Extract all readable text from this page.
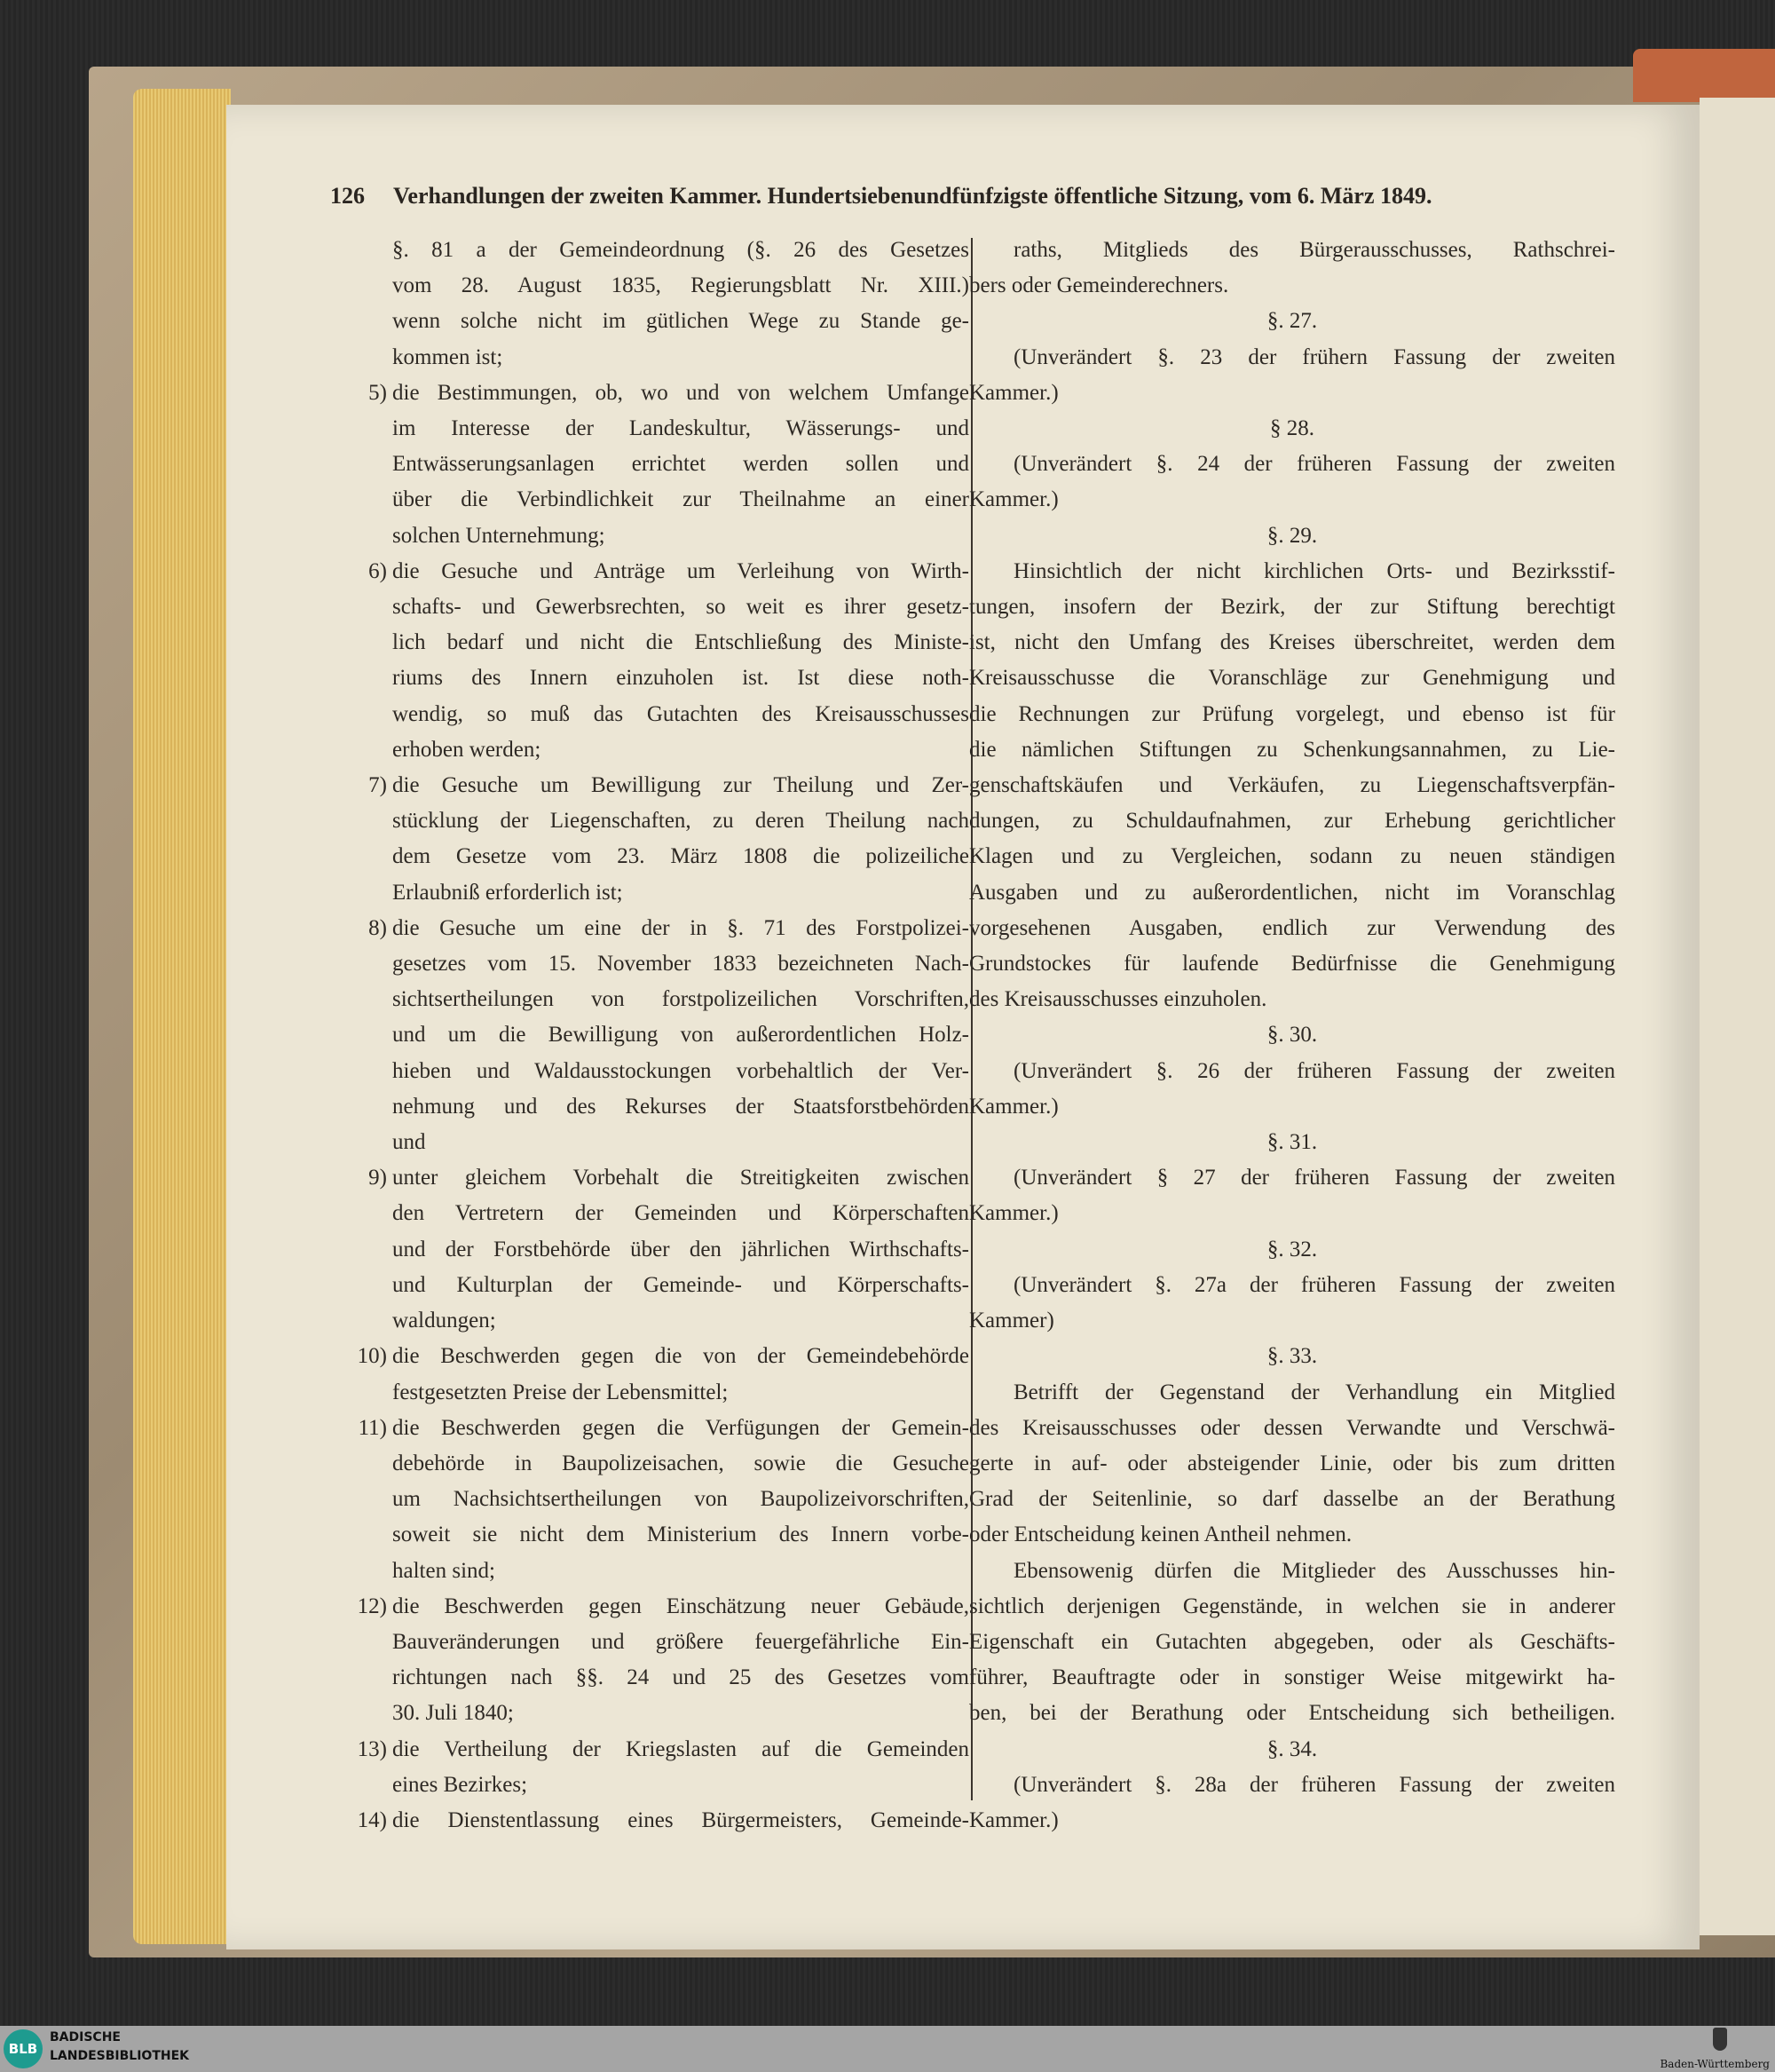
126 Verhandlungen der zweiten Kammer. Hundertsiebenundfünfzigste öffentliche Sitzung, vom 6. März 1849.
§. 81 a der Gemeindeordnung (§. 26 des Gesetzes
vom 28. August 1835, Regierungsblatt Nr. XIII.)
wenn solche nicht im gütlichen Wege zu Stande ge-
kommen ist;
5) die Bestimmungen, ob, wo und von welchem Umfange
im Interesse der Landeskultur, Wässerungs- und
Entwässerungsanlagen errichtet werden sollen und
über die Verbindlichkeit zur Theilnahme an einer
solchen Unternehmung;
6) die Gesuche und Anträge um Verleihung von Wirth-
schafts- und Gewerbsrechten, so weit es ihrer gesetz-
lich bedarf und nicht die Entschließung des Ministe-
riums des Innern einzuholen ist. Ist diese noth-
wendig, so muß das Gutachten des Kreisausschusses
erhoben werden;
7) die Gesuche um Bewilligung zur Theilung und Zer-
stücklung der Liegenschaften, zu deren Theilung nach
dem Gesetze vom 23. März 1808 die polizeiliche
Erlaubniß erforderlich ist;
8) die Gesuche um eine der in §. 71 des Forstpolizei-
gesetzes vom 15. November 1833 bezeichneten Nach-
sichtsertheilungen von forstpolizeilichen Vorschriften,
und um die Bewilligung von außerordentlichen Holz-
hieben und Waldausstockungen vorbehaltlich der Ver-
nehmung und des Rekurses der Staatsforstbehörden
und
9) unter gleichem Vorbehalt die Streitigkeiten zwischen
den Vertretern der Gemeinden und Körperschaften
und der Forstbehörde über den jährlichen Wirthschafts-
und Kulturplan der Gemeinde- und Körperschafts-
waldungen;
10) die Beschwerden gegen die von der Gemeindebehörde
festgesetzten Preise der Lebensmittel;
11) die Beschwerden gegen die Verfügungen der Gemein-
debehörde in Baupolizeisachen, sowie die Gesuche
um Nachsichtsertheilungen von Baupolizeivorschriften,
soweit sie nicht dem Ministerium des Innern vorbe-
halten sind;
12) die Beschwerden gegen Einschätzung neuer Gebäude,
Bauveränderungen und größere feuergefährliche Ein-
richtungen nach §§. 24 und 25 des Gesetzes vom
30. Juli 1840;
13) die Vertheilung der Kriegslasten auf die Gemeinden
eines Bezirkes;
14) die Dienstentlassung eines Bürgermeisters, Gemeinde-
raths, Mitglieds des Bürgerausschusses, Rathschrei-
bers oder Gemeinderechners.
§. 27.
(Unverändert §. 23 der frühern Fassung der zweiten
Kammer.)
§ 28.
(Unverändert §. 24 der früheren Fassung der zweiten
Kammer.)
§. 29.
Hinsichtlich der nicht kirchlichen Orts- und Bezirksstif-
tungen, insofern der Bezirk, der zur Stiftung berechtigt
ist, nicht den Umfang des Kreises überschreitet, werden dem
Kreisausschusse die Voranschläge zur Genehmigung und
die Rechnungen zur Prüfung vorgelegt, und ebenso ist für
die nämlichen Stiftungen zu Schenkungsannahmen, zu Lie-
genschaftskäufen und Verkäufen, zu Liegenschaftsverpfän-
dungen, zu Schuldaufnahmen, zur Erhebung gerichtlicher
Klagen und zu Vergleichen, sodann zu neuen ständigen
Ausgaben und zu außerordentlichen, nicht im Voranschlag
vorgesehenen Ausgaben, endlich zur Verwendung des
Grundstockes für laufende Bedürfnisse die Genehmigung
des Kreisausschusses einzuholen.
§. 30.
(Unverändert §. 26 der früheren Fassung der zweiten
Kammer.)
§. 31.
(Unverändert § 27 der früheren Fassung der zweiten
Kammer.)
§. 32.
(Unverändert §. 27a der früheren Fassung der zweiten
Kammer)
§. 33.
Betrifft der Gegenstand der Verhandlung ein Mitglied
des Kreisausschusses oder dessen Verwandte und Verschwä-
gerte in auf- oder absteigender Linie, oder bis zum dritten
Grad der Seitenlinie, so darf dasselbe an der Berathung
oder Entscheidung keinen Antheil nehmen.
Ebensowenig dürfen die Mitglieder des Ausschusses hin-
sichtlich derjenigen Gegenstände, in welchen sie in anderer
Eigenschaft ein Gutachten abgegeben, oder als Geschäfts-
führer, Beauftragte oder in sonstiger Weise mitgewirkt ha-
ben, bei der Berathung oder Entscheidung sich betheiligen.
§. 34.
(Unverändert §. 28a der früheren Fassung der zweiten
Kammer.)
BLB
BADISCHE
LANDESBIBLIOTHEK
Baden-Württemberg
